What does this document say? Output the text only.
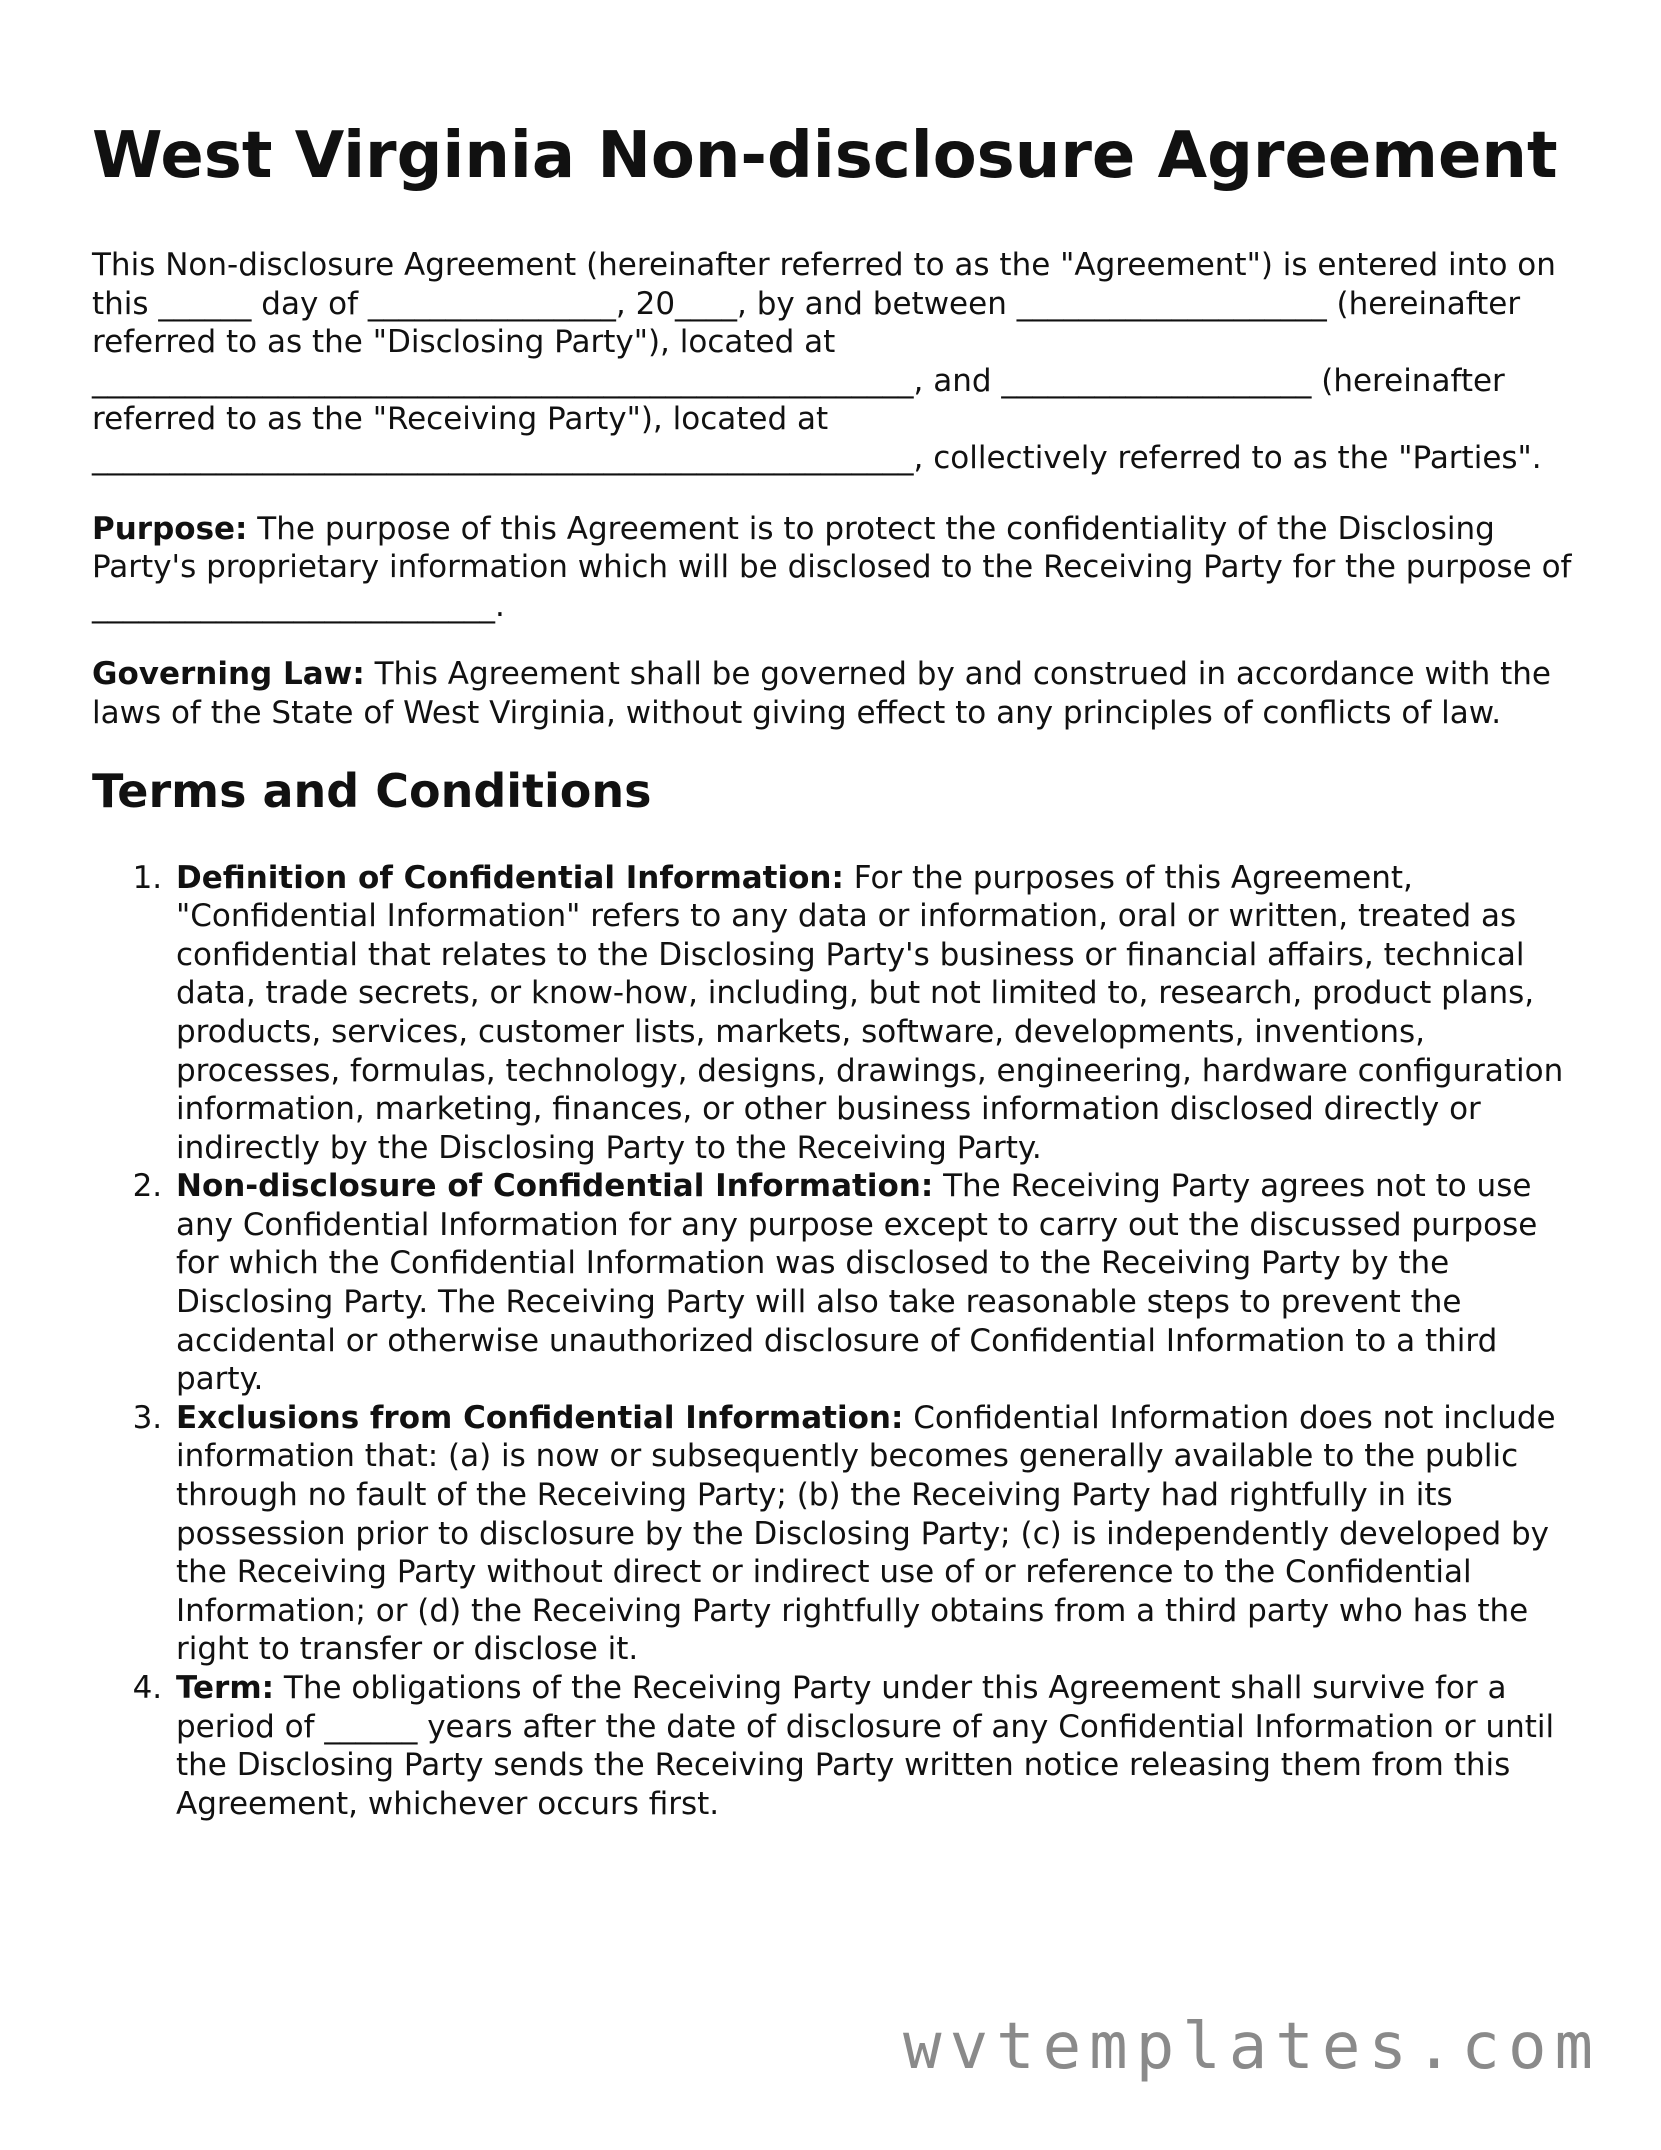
West Virginia Non-disclosure Agreement

This Non-disclosure Agreement (hereinafter referred to as the "Agreement") is entered into on this ______ day of ________________, 20____, by and between ____________________ (hereinafter referred to as the "Disclosing Party"), located at _____________________________________________________, and ____________________ (hereinafter referred to as the "Receiving Party"), located at _____________________________________________________, collectively referred to as the "Parties".

Purpose: The purpose of this Agreement is to protect the confidentiality of the Disclosing Party's proprietary information which will be disclosed to the Receiving Party for the purpose of __________________________.

Governing Law: This Agreement shall be governed by and construed in accordance with the laws of the State of West Virginia, without giving effect to any principles of conflicts of law.

Terms and Conditions
1. Definition of Confidential Information: For the purposes of this Agreement, "Confidential Information" refers to any data or information, oral or written, treated as confidential that relates to the Disclosing Party's business or financial affairs, technical data, trade secrets, or know-how, including, but not limited to, research, product plans, products, services, customer lists, markets, software, developments, inventions, processes, formulas, technology, designs, drawings, engineering, hardware configuration information, marketing, finances, or other business information disclosed directly or indirectly by the Disclosing Party to the Receiving Party.
2. Non-disclosure of Confidential Information: The Receiving Party agrees not to use any Confidential Information for any purpose except to carry out the discussed purpose for which the Confidential Information was disclosed to the Receiving Party by the Disclosing Party. The Receiving Party will also take reasonable steps to prevent the accidental or otherwise unauthorized disclosure of Confidential Information to a third party.
3. Exclusions from Confidential Information: Confidential Information does not include information that: (a) is now or subsequently becomes generally available to the public through no fault of the Receiving Party; (b) the Receiving Party had rightfully in its possession prior to disclosure by the Disclosing Party; (c) is independently developed by the Receiving Party without direct or indirect use of or reference to the Confidential Information; or (d) the Receiving Party rightfully obtains from a third party who has the right to transfer or disclose it.
4. Term: The obligations of the Receiving Party under this Agreement shall survive for a period of ______ years after the date of disclosure of any Confidential Information or until the Disclosing Party sends the Receiving Party written notice releasing them from this Agreement, whichever occurs first.
wvtemplates.com
